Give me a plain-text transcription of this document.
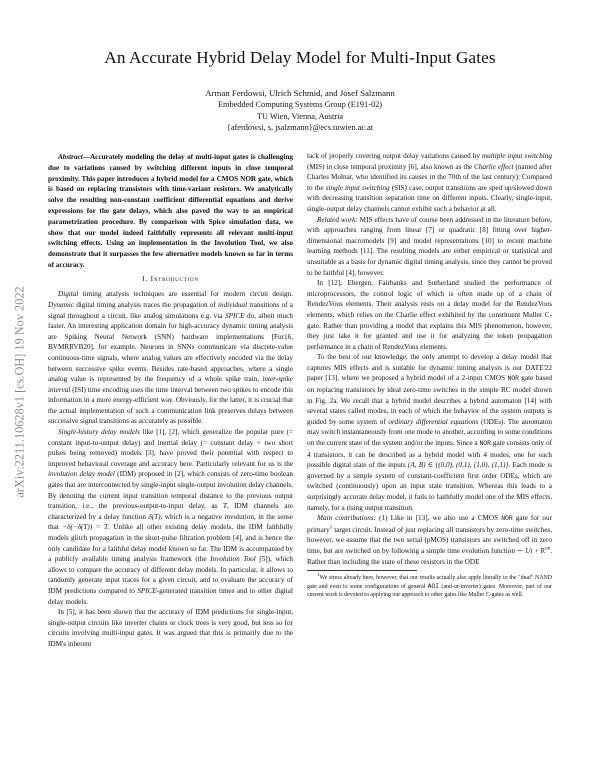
An Accurate Hybrid Delay Model for Multi-Input Gates
Arman Ferdowsi, Ulrich Schmid, and Josef Salzmann
Embedded Computing Systems Group (E191-02)
TU Wien, Vienna, Austria
{aferdowsi, s, jsalzmann}@ecs.tuwien.ac.at
arXiv:2211.10628v1 [cs.OH] 19 Nov 2022

Abstract—Accurately modeling the delay of multi-input gates is challenging due to variations caused by switching different inputs in close temporal proximity. This paper introduces a hybrid model for a CMOS NOR gate, which is based on replacing transistors with time-variant resistors. We analytically solve the resulting non-constant coefficient differential equations and derive expressions for the gate delays, which also paved the way to an empirical parametrization procedure. By comparison with Spice simulation data, we show that our model indeed faithfully represents all relevant multi-input switching effects. Using an implementation in the Involution Tool, we also demonstrate that it surpasses the few alternative models known so far in terms of accuracy.

I. Introduction

Digital timing analysis techniques are essential for modern circuit design. Dynamic digital timing analysis traces the propagation of individual transitions of a signal throughout a circuit, like analog simulations e.g. via SPICE do, albeit much faster. An interesting application domain for high-accuracy dynamic timing analysis are Spiking Neural Network (SNN) hardware implementations [Fur16, BVMRRVB20], for example. Neurons in SNNs communicate via discrete-value continuous-time signals, where analog values are effectively encoded via the delay between successive spike events. Besides rate-based approaches, where a single analog value is represented by the frequency of a whole spike train, inter-spike interval (ISI) time encoding uses the time interval between two spikes to encode this information in a more energy-efficient way. Obviously, for the latter, it is crucial that the actual implementation of such a communication link preserves delays between successive signal transitions as accurately as possible.

Single-history delay models like [1], [2], which generalize the popular pure (= constant input-to-output delay) and inertial delay (= constant delay + two short pulses being removed) models [3], have proved their potential with respect to improved behavioral coverage and accuracy here. Particularly relevant for us is the involution delay model (IDM) proposed in [2], which consists of zero-time boolean gates that are interconnected by single-input single-output involution delay channels. By denoting the current input transition temporal distance to the previous output transition, i.e., the previous-output-to-input delay, as T, IDM channels are characterized by a delay function δ(T), which is a negative involution, in the sense that −δ(−δ(T)) = T. Unlike all other existing delay models, the IDM faithfully models glitch propagation in the short-pulse filtration problem [4], and is hence the only candidate for a faithful delay model known so far. The IDM is accompanied by a publicly available timing analysis framework (the Involution Tool [5]), which allows to compare the accuracy of different delay models. In particular, it allows to randomly generate input traces for a given circuit, and to evaluate the accuracy of IDM predictions compared to SPICE-generated transition times and to other digital delay models.

In [5], it has been shown that the accuracy of IDM predictions for single-input, single-output circuits like inverter chains or clock trees is very good, but less so for circuits involving multi-input gates. It was argued that this is primarily due to the IDM's inherent

lack of properly covering output delay variations caused by multiple input switching (MIS) in close temporal proximity [6], also known as the Charlie effect (named after Charles Molnar, who identified its causes in the 70th of the last century): Compared to the single input switching (SIS) case, output transitions are sped up/slowed down with decreasing transition separation time on different inputs. Clearly, single-input, single-output delay channels cannot exhibit such a behavior at all.

Related work: MIS effects have of course been addressed in the literature before, with approaches ranging from linear [7] or quadratic [8] fitting over higher-dimensional macromodels [9] and model representations [10] to recent machine learning methods [11]. The resulting models are either empirical or statistical and unsuitable as a basis for dynamic digital timing analysis, since they cannot be proved to be faithful [4], however.

In [12], Ebergen, Fairbanks and Sutherland studied the performance of microprocessors, the control logic of which is often made up of a chain of RendezVous elements. Their analysis rests on a delay model for the RendezVous elements, which relies on the Charlie effect exhibited by the constituent Muller C-gate. Rather than providing a model that explains this MIS phenomenon, however, they just take it for granted and use it for analyzing the token propagation performance in a chain of RendezVous elements.

To the best of our knowledge, the only attempt to develop a delay model that captures MIS effects and is suitable for dynamic timing analysis is our DATE'22 paper [13], where we proposed a hybrid model of a 2-input CMOS NOR gate based on replacing transistors by ideal zero-time switches in the simple RC model shown in Fig. 2a. We recall that a hybrid model describes a hybrid automaton [14] with several states called modes, in each of which the behavior of the system outputs is guided by some system of ordinary differential equations (ODEs). The automaton may switch instantaneously from one mode to another, according to some conditions on the current state of the system and/or the inputs. Since a NOR gate consists only of 4 transistors, it can be described as a hybrid model with 4 modes, one for each possible digital state of the inputs (A, B) ∈ {(0,0), (0,1), (1,0), (1,1)}. Each mode is governed by a simple system of constant-coefficient first order ODEs, which are switched (continuously) upon an input state transition. Whereas this leads to a surprisingly accurate delay model, it fails to faithfully model one of the MIS effects, namely, for a rising output transition.

Main contributions: (1) Like in [13], we also use a CMOS NOR gate for our primary$^1$ target circuit. Instead of just replacing all transistors by zero-time switches, however, we assume that the two serial (pMOS) transistors are switched off in zero time, but are switched on by following a simple time evolution function ∼ $1/t + R^{on}$. Rather than including the state of these resistors in the ODE

$^1$We stress already here, however, that our results actually also apply literally to the "dual" NAND gate and even to some configurations of general AOI (and-or-inverter) gates. Moreover, part of our current work is devoted to applying our approach to other gates like Muller C-gates as well.
